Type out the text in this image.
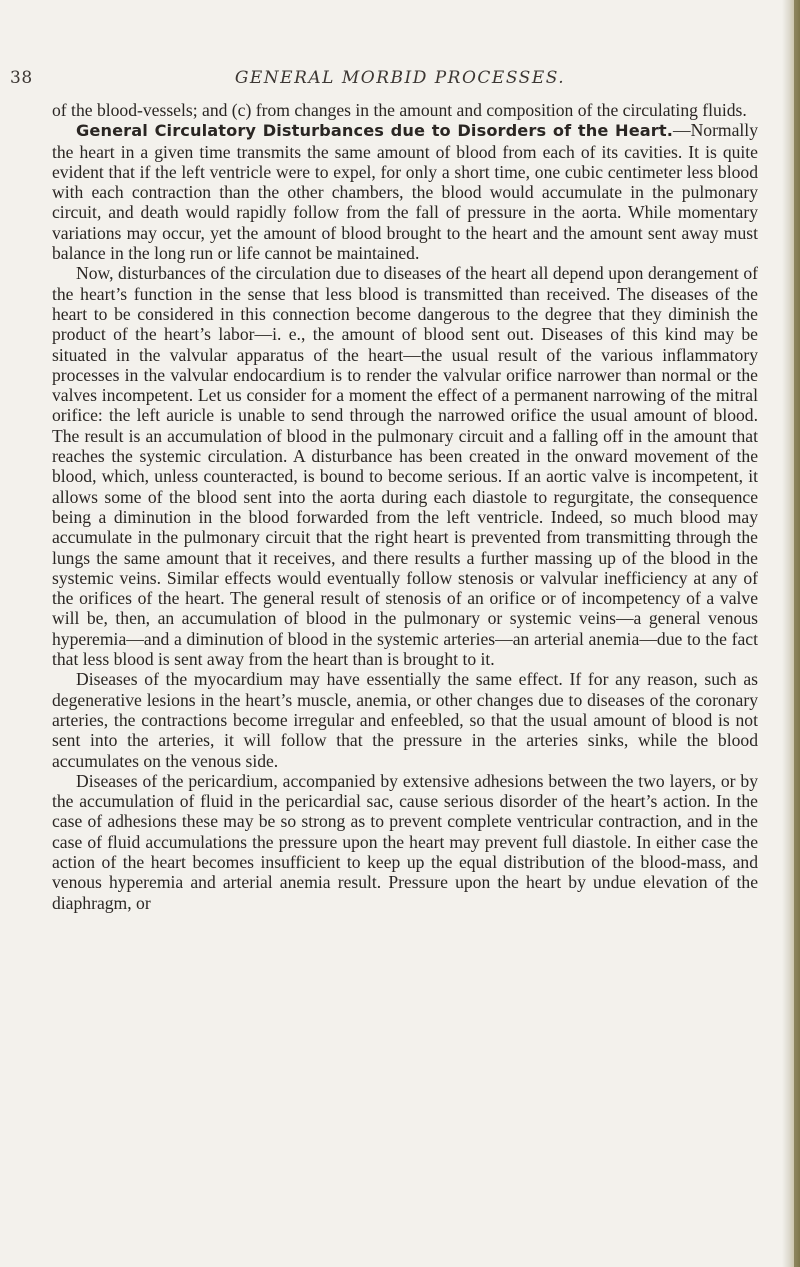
38	GENERAL MORBID PROCESSES.

of the blood-vessels; and (c) from changes in the amount and composition of the circulating fluids.

General Circulatory Disturbances due to Disorders of the Heart.—Normally the heart in a given time transmits the same amount of blood from each of its cavities. It is quite evident that if the left ventricle were to expel, for only a short time, one cubic centimeter less blood with each contraction than the other chambers, the blood would accumulate in the pulmonary circuit, and death would rapidly follow from the fall of pressure in the aorta. While momentary variations may occur, yet the amount of blood brought to the heart and the amount sent away must balance in the long run or life cannot be maintained.

Now, disturbances of the circulation due to diseases of the heart all depend upon derangement of the heart’s function in the sense that less blood is transmitted than received. The diseases of the heart to be considered in this connection become dangerous to the degree that they diminish the product of the heart’s labor—i. e., the amount of blood sent out. Diseases of this kind may be situated in the valvular apparatus of the heart—the usual result of the various inflammatory processes in the valvular endocardium is to render the valvular orifice narrower than normal or the valves incompetent. Let us consider for a moment the effect of a permanent narrowing of the mitral orifice: the left auricle is unable to send through the narrowed orifice the usual amount of blood. The result is an accumulation of blood in the pulmonary circuit and a falling off in the amount that reaches the systemic circulation. A disturbance has been created in the onward movement of the blood, which, unless counteracted, is bound to become serious. If an aortic valve is incompetent, it allows some of the blood sent into the aorta during each diastole to regurgitate, the consequence being a diminution in the blood forwarded from the left ventricle. Indeed, so much blood may accumulate in the pulmonary circuit that the right heart is prevented from transmitting through the lungs the same amount that it receives, and there results a further massing up of the blood in the systemic veins. Similar effects would eventually follow stenosis or valvular inefficiency at any of the orifices of the heart. The general result of stenosis of an orifice or of incompetency of a valve will be, then, an accumulation of blood in the pulmonary or systemic veins—a general venous hyperemia—and a diminution of blood in the systemic arteries—an arterial anemia—due to the fact that less blood is sent away from the heart than is brought to it.

Diseases of the myocardium may have essentially the same effect. If for any reason, such as degenerative lesions in the heart’s muscle, anemia, or other changes due to diseases of the coronary arteries, the contractions become irregular and enfeebled, so that the usual amount of blood is not sent into the arteries, it will follow that the pressure in the arteries sinks, while the blood accumulates on the venous side.

Diseases of the pericardium, accompanied by extensive adhesions between the two layers, or by the accumulation of fluid in the pericardial sac, cause serious disorder of the heart’s action. In the case of adhesions these may be so strong as to prevent complete ventricular contraction, and in the case of fluid accumulations the pressure upon the heart may prevent full diastole. In either case the action of the heart becomes insufficient to keep up the equal distribution of the blood-mass, and venous hyperemia and arterial anemia result. Pressure upon the heart by undue elevation of the diaphragm, or
